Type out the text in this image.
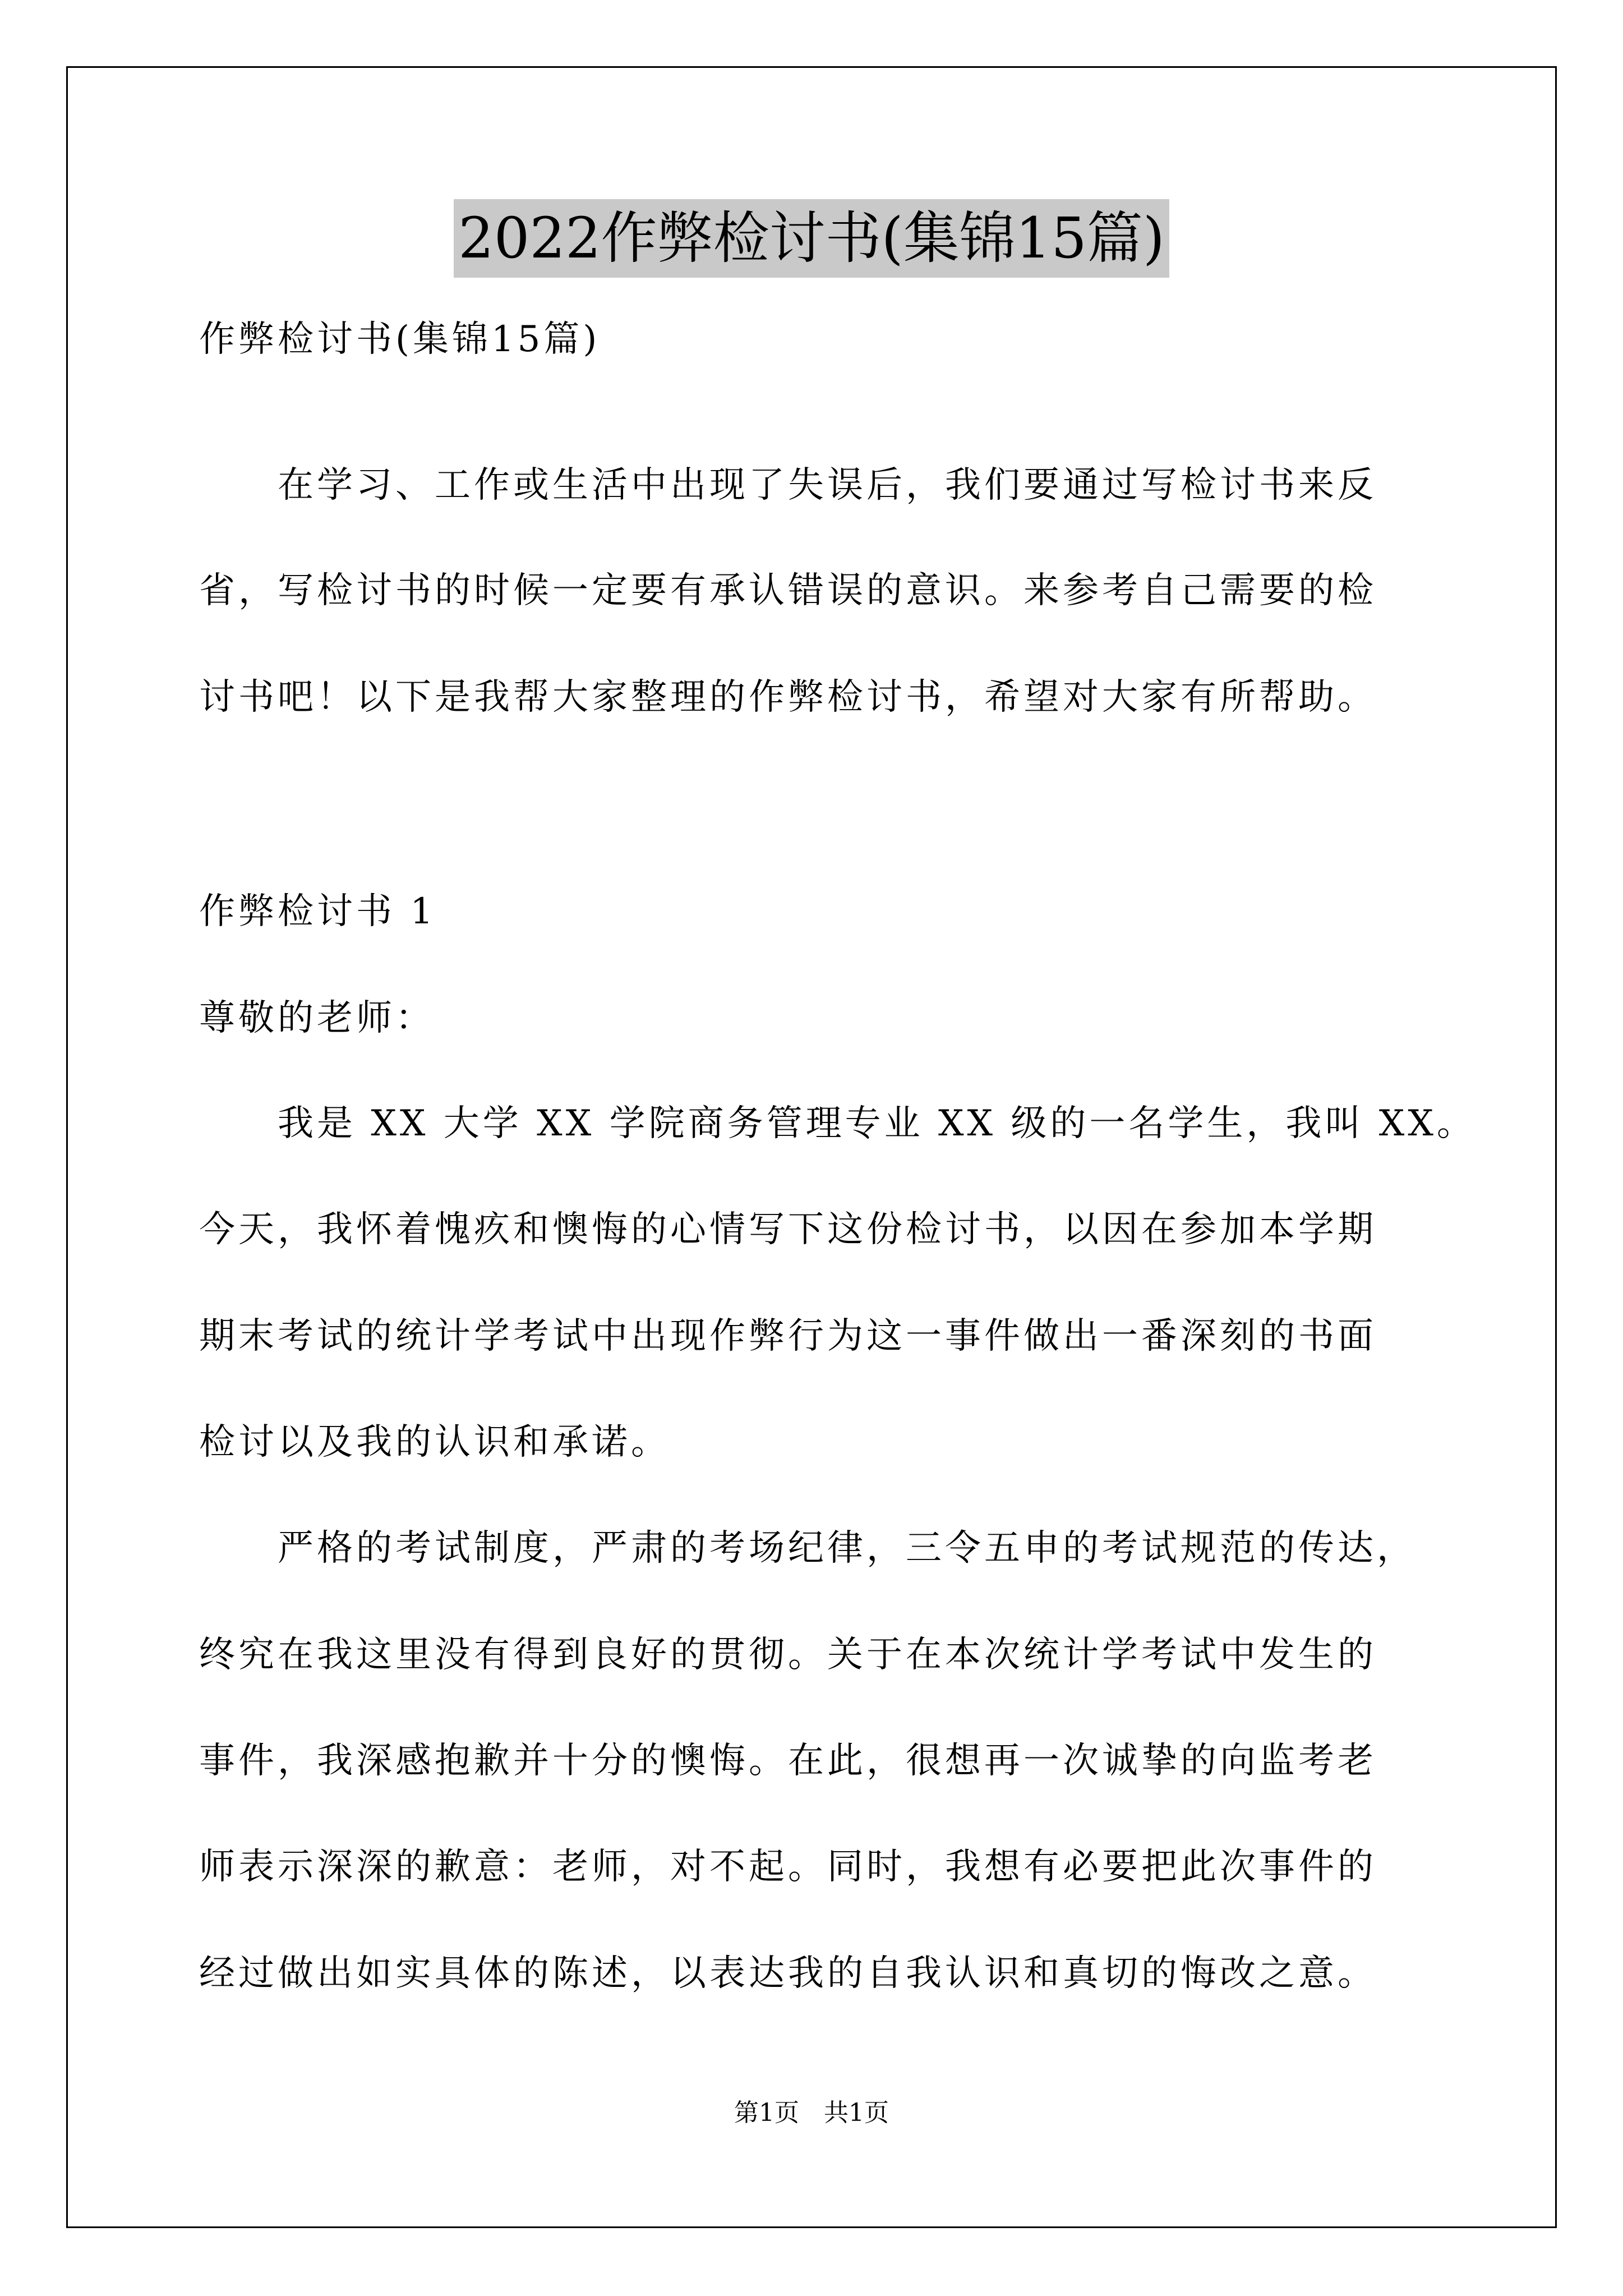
2022作弊检讨书(集锦15篇)
作弊检讨书(集锦15篇)
在学习、工作或生活中出现了失误后，我们要通过写检讨书来反
省，写检讨书的时候一定要有承认错误的意识。来参考自己需要的检
讨书吧！以下是我帮大家整理的作弊检讨书，希望对大家有所帮助。
作弊检讨书 1
尊敬的老师：
我是 XX 大学 XX 学院商务管理专业 XX 级的一名学生，我叫 XX。
今天，我怀着愧疚和懊悔的心情写下这份检讨书，以因在参加本学期
期末考试的统计学考试中出现作弊行为这一事件做出一番深刻的书面
检讨以及我的认识和承诺。
严格的考试制度，严肃的考场纪律，三令五申的考试规范的传达，
终究在我这里没有得到良好的贯彻。关于在本次统计学考试中发生的
事件，我深感抱歉并十分的懊悔。在此，很想再一次诚挚的向监考老
师表示深深的歉意：老师，对不起。同时，我想有必要把此次事件的
经过做出如实具体的陈述，以表达我的自我认识和真切的悔改之意。
第1页　共1页
